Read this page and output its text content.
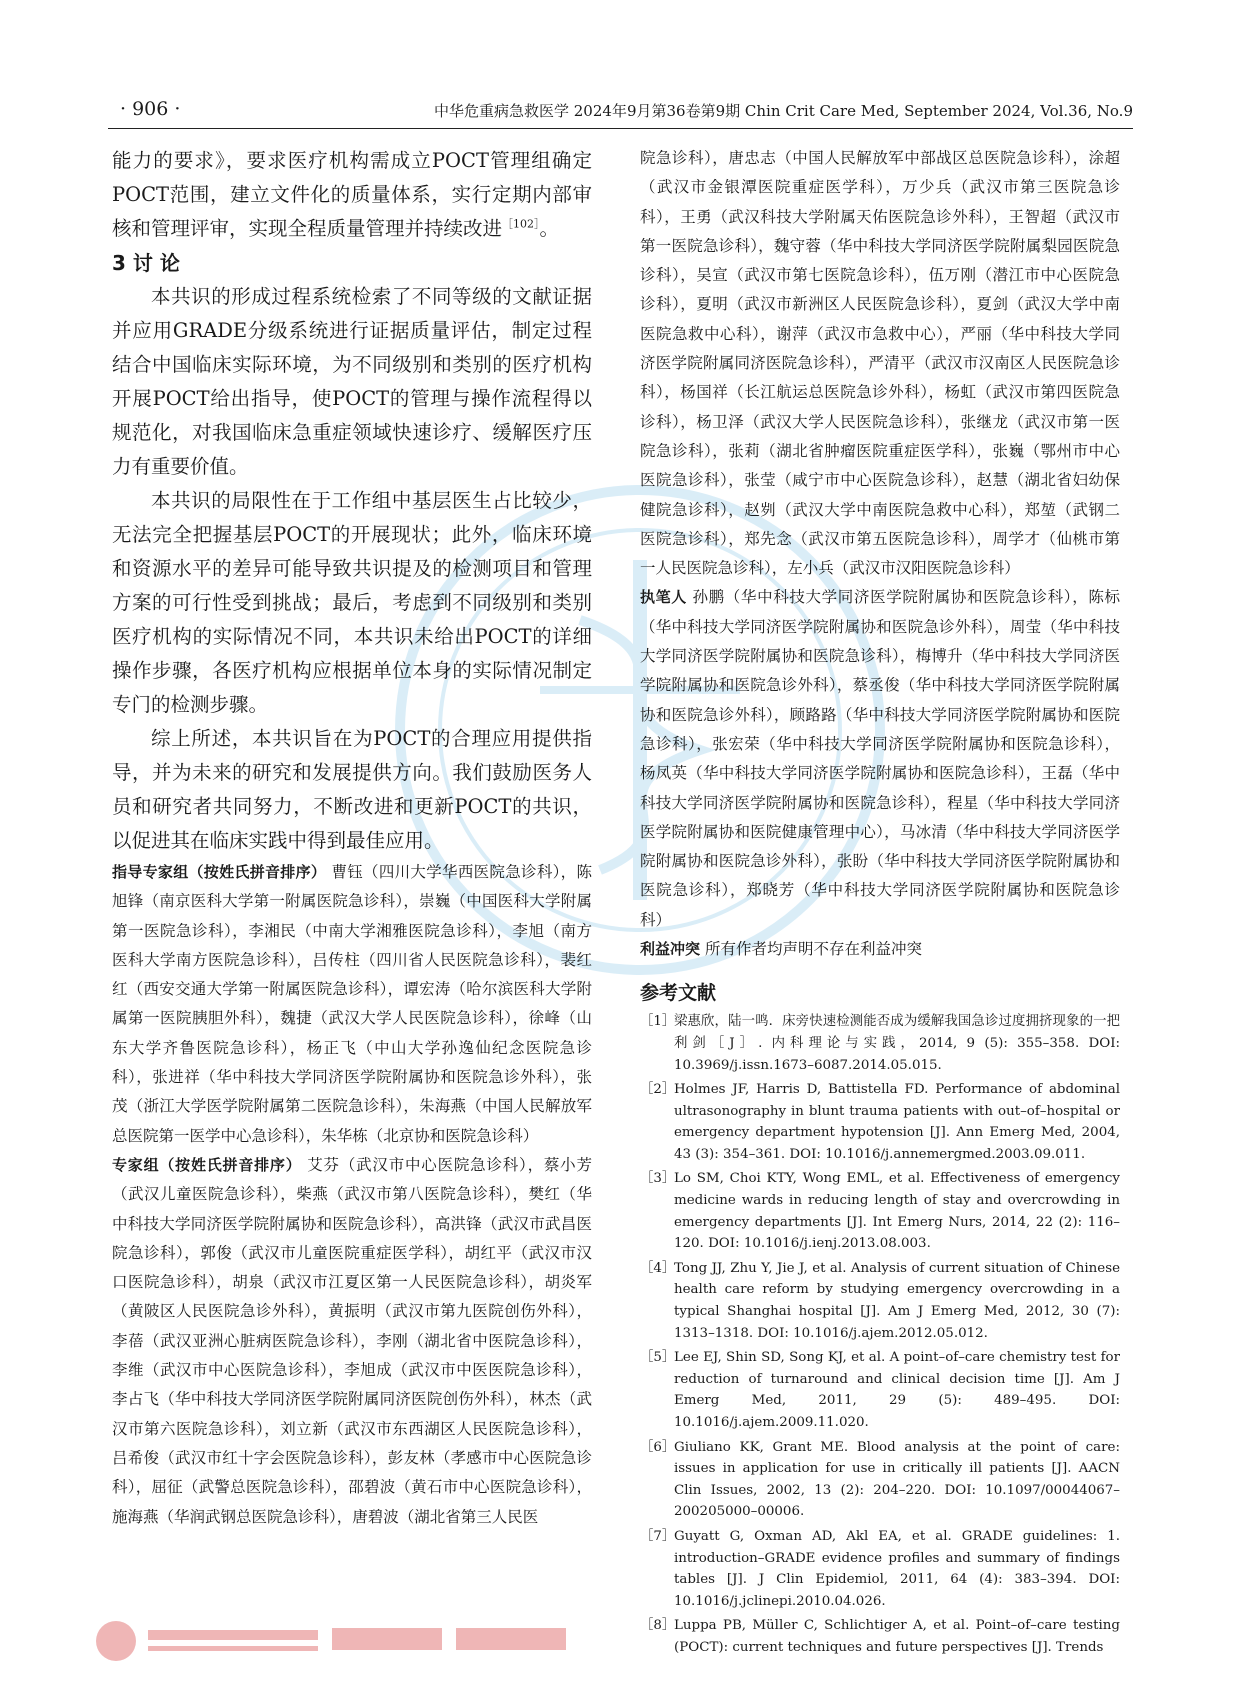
· 906 ·	中华危重病急救医学 2024年9月第36卷第9期 Chin Crit Care Med, September 2024, Vol.36, No.9

能力的要求》，要求医疗机构需成立POCT管理组确定POCT范围，建立文件化的质量体系，实行定期内部审核和管理评审，实现全程质量管理并持续改进$^{[102]}$。

3 讨 论

本共识的形成过程系统检索了不同等级的文献证据并应用GRADE分级系统进行证据质量评估，制定过程结合中国临床实际环境，为不同级别和类别的医疗机构开展POCT给出指导，使POCT的管理与操作流程得以规范化，对我国临床急重症领域快速诊疗、缓解医疗压力有重要价值。

本共识的局限性在于工作组中基层医生占比较少，无法完全把握基层POCT的开展现状；此外，临床环境和资源水平的差异可能导致共识提及的检测项目和管理方案的可行性受到挑战；最后，考虑到不同级别和类别医疗机构的实际情况不同，本共识未给出POCT的详细操作步骤，各医疗机构应根据单位本身的实际情况制定专门的检测步骤。

综上所述，本共识旨在为POCT的合理应用提供指导，并为未来的研究和发展提供方向。我们鼓励医务人员和研究者共同努力，不断改进和更新POCT的共识，以促进其在临床实践中得到最佳应用。

指导专家组（按姓氏拼音排序） 曹钰（四川大学华西医院急诊科），陈旭锋（南京医科大学第一附属医院急诊科），崇巍（中国医科大学附属第一医院急诊科），李湘民（中南大学湘雅医院急诊科），李旭（南方医科大学南方医院急诊科），吕传柱（四川省人民医院急诊科），裴红红（西安交通大学第一附属医院急诊科），谭宏涛（哈尔滨医科大学附属第一医院胰胆外科），魏捷（武汉大学人民医院急诊科），徐峰（山东大学齐鲁医院急诊科），杨正飞（中山大学孙逸仙纪念医院急诊科），张进祥（华中科技大学同济医学院附属协和医院急诊外科），张茂（浙江大学医学院附属第二医院急诊科），朱海燕（中国人民解放军总医院第一医学中心急诊科），朱华栋（北京协和医院急诊科）

专家组（按姓氏拼音排序） 艾芬（武汉市中心医院急诊科），蔡小芳（武汉儿童医院急诊科），柴燕（武汉市第八医院急诊科），樊红（华中科技大学同济医学院附属协和医院急诊科），高洪锋（武汉市武昌医院急诊科），郭俊（武汉市儿童医院重症医学科），胡红平（武汉市汉口医院急诊科），胡泉（武汉市江夏区第一人民医院急诊科），胡炎军（黄陂区人民医院急诊外科），黄振明（武汉市第九医院创伤外科），李蓓（武汉亚洲心脏病医院急诊科），李刚（湖北省中医院急诊科），李维（武汉市中心医院急诊科），李旭成（武汉市中医医院急诊科），李占飞（华中科技大学同济医学院附属同济医院创伤外科），林杰（武汉市第六医院急诊科），刘立新（武汉市东西湖区人民医院急诊科），吕希俊（武汉市红十字会医院急诊科），彭友林（孝感市中心医院急诊科），屈征（武警总医院急诊科），邵碧波（黄石市中心医院急诊科），施海燕（华润武钢总医院急诊科），唐碧波（湖北省第三人民医

院急诊科），唐忠志（中国人民解放军中部战区总医院急诊科），涂超（武汉市金银潭医院重症医学科），万少兵（武汉市第三医院急诊科），王勇（武汉科技大学附属天佑医院急诊外科），王智超（武汉市第一医院急诊科），魏守蓉（华中科技大学同济医学院附属梨园医院急诊科），吴宣（武汉市第七医院急诊科），伍万刚（潜江市中心医院急诊科），夏明（武汉市新洲区人民医院急诊科），夏剑（武汉大学中南医院急救中心科），谢萍（武汉市急救中心），严丽（华中科技大学同济医学院附属同济医院急诊科），严清平（武汉市汉南区人民医院急诊科），杨国祥（长江航运总医院急诊外科），杨虹（武汉市第四医院急诊科），杨卫泽（武汉大学人民医院急诊科），张继龙（武汉市第一医院急诊科），张莉（湖北省肿瘤医院重症医学科），张巍（鄂州市中心医院急诊科），张莹（咸宁市中心医院急诊科），赵慧（湖北省妇幼保健院急诊科），赵刿（武汉大学中南医院急救中心科），郑堃（武钢二医院急诊科），郑先念（武汉市第五医院急诊科），周学才（仙桃市第一人民医院急诊科），左小兵（武汉市汉阳医院急诊科）

执笔人 孙鹏（华中科技大学同济医学院附属协和医院急诊科），陈标（华中科技大学同济医学院附属协和医院急诊外科），周莹（华中科技大学同济医学院附属协和医院急诊科），梅博升（华中科技大学同济医学院附属协和医院急诊外科），蔡丞俊（华中科技大学同济医学院附属协和医院急诊外科），顾路路（华中科技大学同济医学院附属协和医院急诊科），张宏荣（华中科技大学同济医学院附属协和医院急诊科），杨凤英（华中科技大学同济医学院附属协和医院急诊科），王磊（华中科技大学同济医学院附属协和医院急诊科），程星（华中科技大学同济医学院附属协和医院健康管理中心），马冰清（华中科技大学同济医学院附属协和医院急诊外科），张盼（华中科技大学同济医学院附属协和医院急诊科），郑晓芳（华中科技大学同济医学院附属协和医院急诊科）

利益冲突 所有作者均声明不存在利益冲突

参考文献
［1］
梁惠欣，陆一鸣．床旁快速检测能否成为缓解我国急诊过度拥挤现象的一把利剑［J］. 内科理论与实践，2014, 9 (5): 355–358. DOI: 10.3969/j.issn.1673–6087.2014.05.015.
［2］
Holmes JF, Harris D, Battistella FD. Performance of abdominal ultrasonography in blunt trauma patients with out–of–hospital or emergency department hypotension [J]. Ann Emerg Med, 2004, 43 (3): 354–361. DOI: 10.1016/j.annemergmed.2003.09.011.
［3］
Lo SM, Choi KTY, Wong EML, et al. Effectiveness of emergency medicine wards in reducing length of stay and overcrowding in emergency departments [J]. Int Emerg Nurs, 2014, 22 (2): 116–120. DOI: 10.1016/j.ienj.2013.08.003.
［4］
Tong JJ, Zhu Y, Jie J, et al. Analysis of current situation of Chinese health care reform by studying emergency overcrowding in a typical Shanghai hospital [J]. Am J Emerg Med, 2012, 30 (7): 1313–1318. DOI: 10.1016/j.ajem.2012.05.012.
［5］
Lee EJ, Shin SD, Song KJ, et al. A point–of–care chemistry test for reduction of turnaround and clinical decision time [J]. Am J Emerg Med, 2011, 29 (5): 489–495. DOI: 10.1016/j.ajem.2009.11.020.
［6］
Giuliano KK, Grant ME. Blood analysis at the point of care: issues in application for use in critically ill patients [J]. AACN Clin Issues, 2002, 13 (2): 204–220. DOI: 10.1097/00044067–200205000–00006.
［7］
Guyatt G, Oxman AD, Akl EA, et al. GRADE guidelines: 1. introduction–GRADE evidence profiles and summary of findings tables [J]. J Clin Epidemiol, 2011, 64 (4): 383–394. DOI: 10.1016/j.jclinepi.2010.04.026.
［8］
Luppa PB, Müller C, Schlichtiger A, et al. Point–of–care testing (POCT): current techniques and future perspectives [J]. Trends
